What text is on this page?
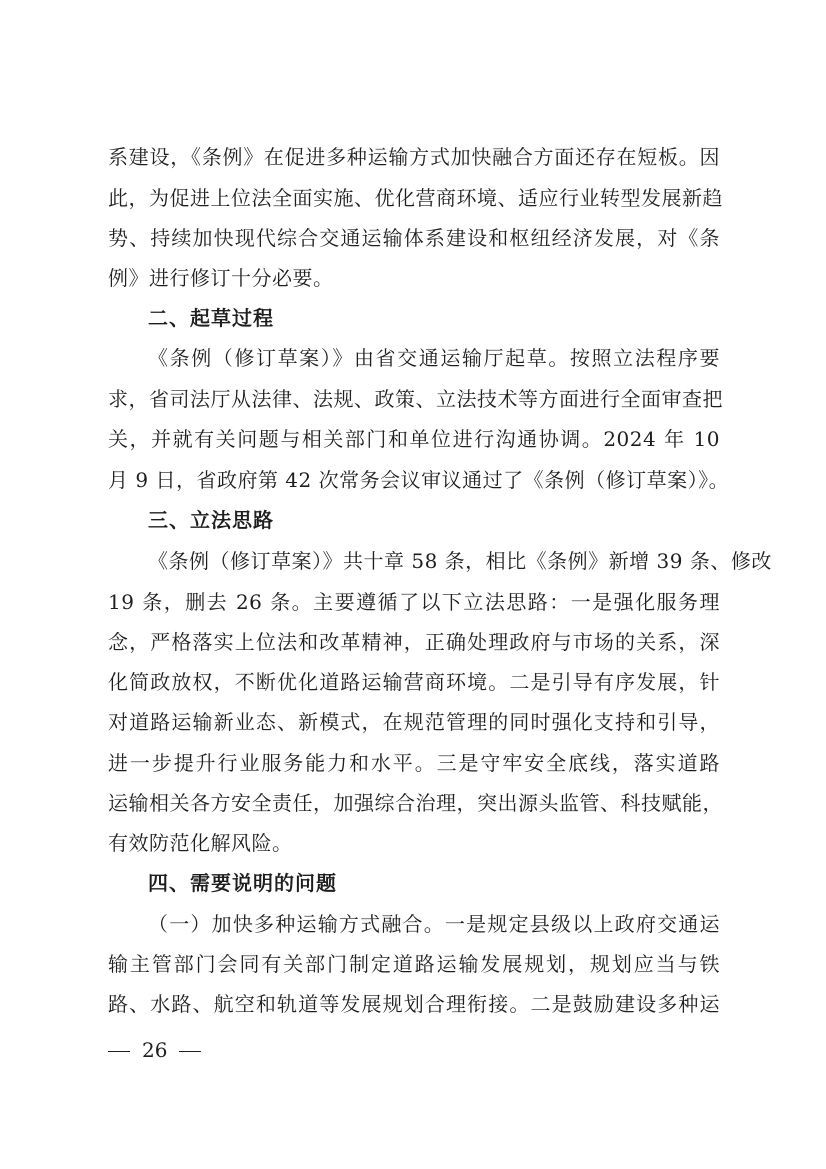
系建设，《条例》在促进多种运输方式加快融合方面还存在短板。因
此，为促进上位法全面实施、优化营商环境、适应行业转型发展新趋
势、持续加快现代综合交通运输体系建设和枢纽经济发展，对《条
例》进行修订十分必要。
二、起草过程
《条例（修订草案）》由省交通运输厅起草。按照立法程序要
求，省司法厅从法律、法规、政策、立法技术等方面进行全面审查把
关，并就有关问题与相关部门和单位进行沟通协调。2024 年 10
月 9 日，省政府第 42 次常务会议审议通过了《条例（修订草案）》。
三、立法思路
《条例（修订草案）》共十章 58 条，相比《条例》新增 39 条、修改
19 条，删去 26 条。主要遵循了以下立法思路：一是强化服务理
念，严格落实上位法和改革精神，正确处理政府与市场的关系，深
化简政放权，不断优化道路运输营商环境。二是引导有序发展，针
对道路运输新业态、新模式，在规范管理的同时强化支持和引导，
进一步提升行业服务能力和水平。三是守牢安全底线，落实道路
运输相关各方安全责任，加强综合治理，突出源头监管、科技赋能，
有效防范化解风险。
四、需要说明的问题
（一）加快多种运输方式融合。一是规定县级以上政府交通运
输主管部门会同有关部门制定道路运输发展规划，规划应当与铁
路、水路、航空和轨道等发展规划合理衔接。二是鼓励建设多种运
26
